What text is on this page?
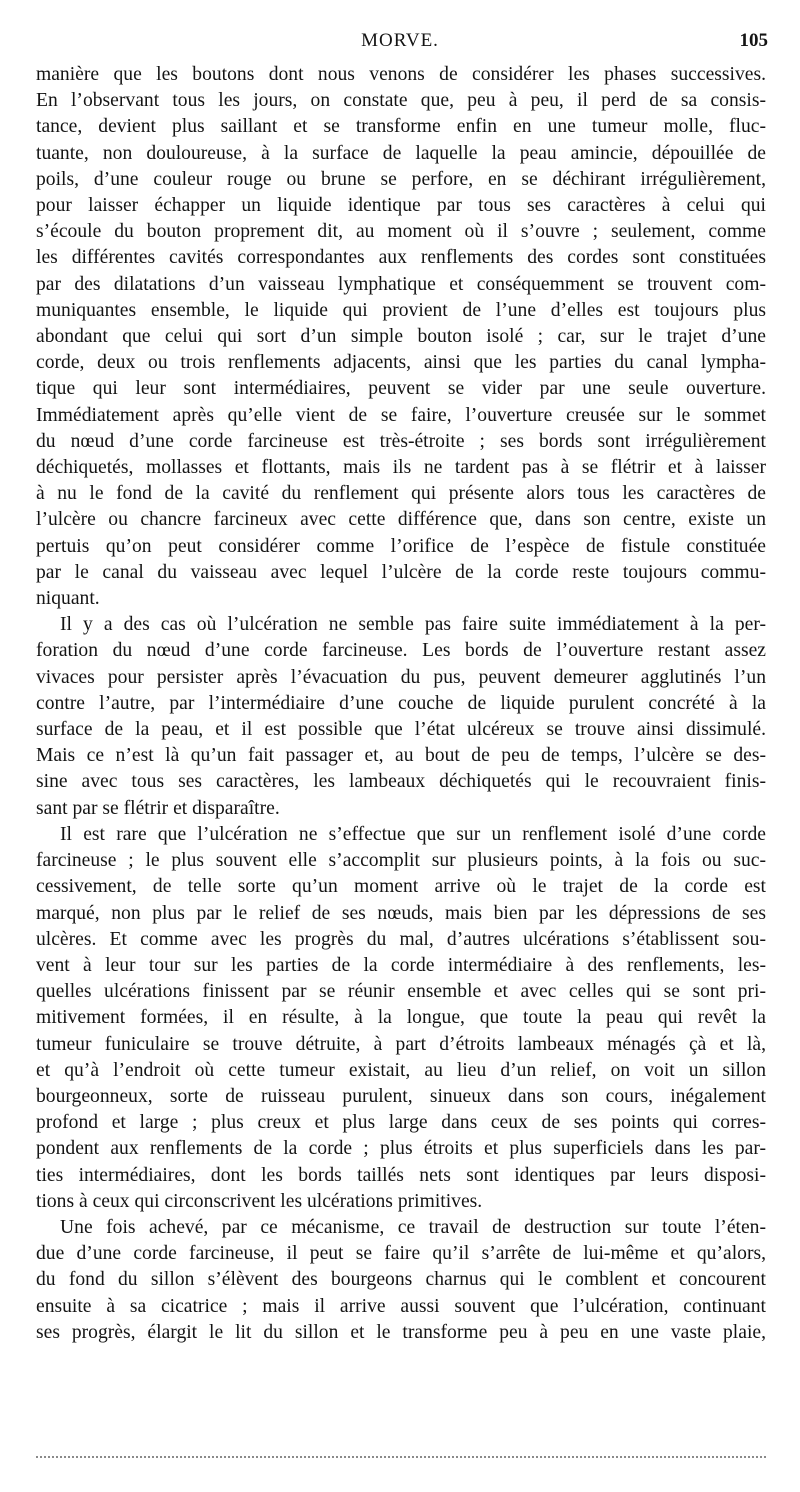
MORVE.	105

manière que les boutons dont nous venons de considérer les phases successives.
En l’observant tous les jours, on constate que, peu à peu, il perd de sa consis-
tance, devient plus saillant et se transforme enfin en une tumeur molle, fluc-
tuante, non douloureuse, à la surface de laquelle la peau amincie, dépouillée de
poils, d’une couleur rouge ou brune se perfore, en se déchirant irrégulièrement,
pour laisser échapper un liquide identique par tous ses caractères à celui qui
s’écoule du bouton proprement dit, au moment où il s’ouvre ; seulement, comme
les différentes cavités correspondantes aux renflements des cordes sont constituées
par des dilatations d’un vaisseau lymphatique et conséquemment se trouvent com-
muniquantes ensemble, le liquide qui provient de l’une d’elles est toujours plus
abondant que celui qui sort d’un simple bouton isolé ; car, sur le trajet d’une
corde, deux ou trois renflements adjacents, ainsi que les parties du canal lympha-
tique qui leur sont intermédiaires, peuvent se vider par une seule ouverture.
Immédiatement après qu’elle vient de se faire, l’ouverture creusée sur le sommet
du nœud d’une corde farcineuse est très-étroite ; ses bords sont irrégulièrement
déchiquetés, mollasses et flottants, mais ils ne tardent pas à se flétrir et à laisser
à nu le fond de la cavité du renflement qui présente alors tous les caractères de
l’ulcère ou chancre farcineux avec cette différence que, dans son centre, existe un
pertuis qu’on peut considérer comme l’orifice de l’espèce de fistule constituée
par le canal du vaisseau avec lequel l’ulcère de la corde reste toujours commu-
niquant.

Il y a des cas où l’ulcération ne semble pas faire suite immédiatement à la per-
foration du nœud d’une corde farcineuse. Les bords de l’ouverture restant assez
vivaces pour persister après l’évacuation du pus, peuvent demeurer agglutinés l’un
contre l’autre, par l’intermédiaire d’une couche de liquide purulent concrété à la
surface de la peau, et il est possible que l’état ulcéreux se trouve ainsi dissimulé.
Mais ce n’est là qu’un fait passager et, au bout de peu de temps, l’ulcère se des-
sine avec tous ses caractères, les lambeaux déchiquetés qui le recouvraient finis-
sant par se flétrir et disparaître.

Il est rare que l’ulcération ne s’effectue que sur un renflement isolé d’une corde
farcineuse ; le plus souvent elle s’accomplit sur plusieurs points, à la fois ou suc-
cessivement, de telle sorte qu’un moment arrive où le trajet de la corde est
marqué, non plus par le relief de ses nœuds, mais bien par les dépressions de ses
ulcères. Et comme avec les progrès du mal, d’autres ulcérations s’établissent sou-
vent à leur tour sur les parties de la corde intermédiaire à des renflements, les-
quelles ulcérations finissent par se réunir ensemble et avec celles qui se sont pri-
mitivement formées, il en résulte, à la longue, que toute la peau qui revêt la
tumeur funiculaire se trouve détruite, à part d’étroits lambeaux ménagés çà et là,
et qu’à l’endroit où cette tumeur existait, au lieu d’un relief, on voit un sillon
bourgeonneux, sorte de ruisseau purulent, sinueux dans son cours, inégalement
profond et large ; plus creux et plus large dans ceux de ses points qui corres-
pondent aux renflements de la corde ; plus étroits et plus superficiels dans les par-
ties intermédiaires, dont les bords taillés nets sont identiques par leurs disposi-
tions à ceux qui circonscrivent les ulcérations primitives.

Une fois achevé, par ce mécanisme, ce travail de destruction sur toute l’éten-
due d’une corde farcineuse, il peut se faire qu’il s’arrête de lui-même et qu’alors,
du fond du sillon s’élèvent des bourgeons charnus qui le comblent et concourent
ensuite à sa cicatrice ; mais il arrive aussi souvent que l’ulcération, continuant
ses progrès, élargit le lit du sillon et le transforme peu à peu en une vaste plaie,
